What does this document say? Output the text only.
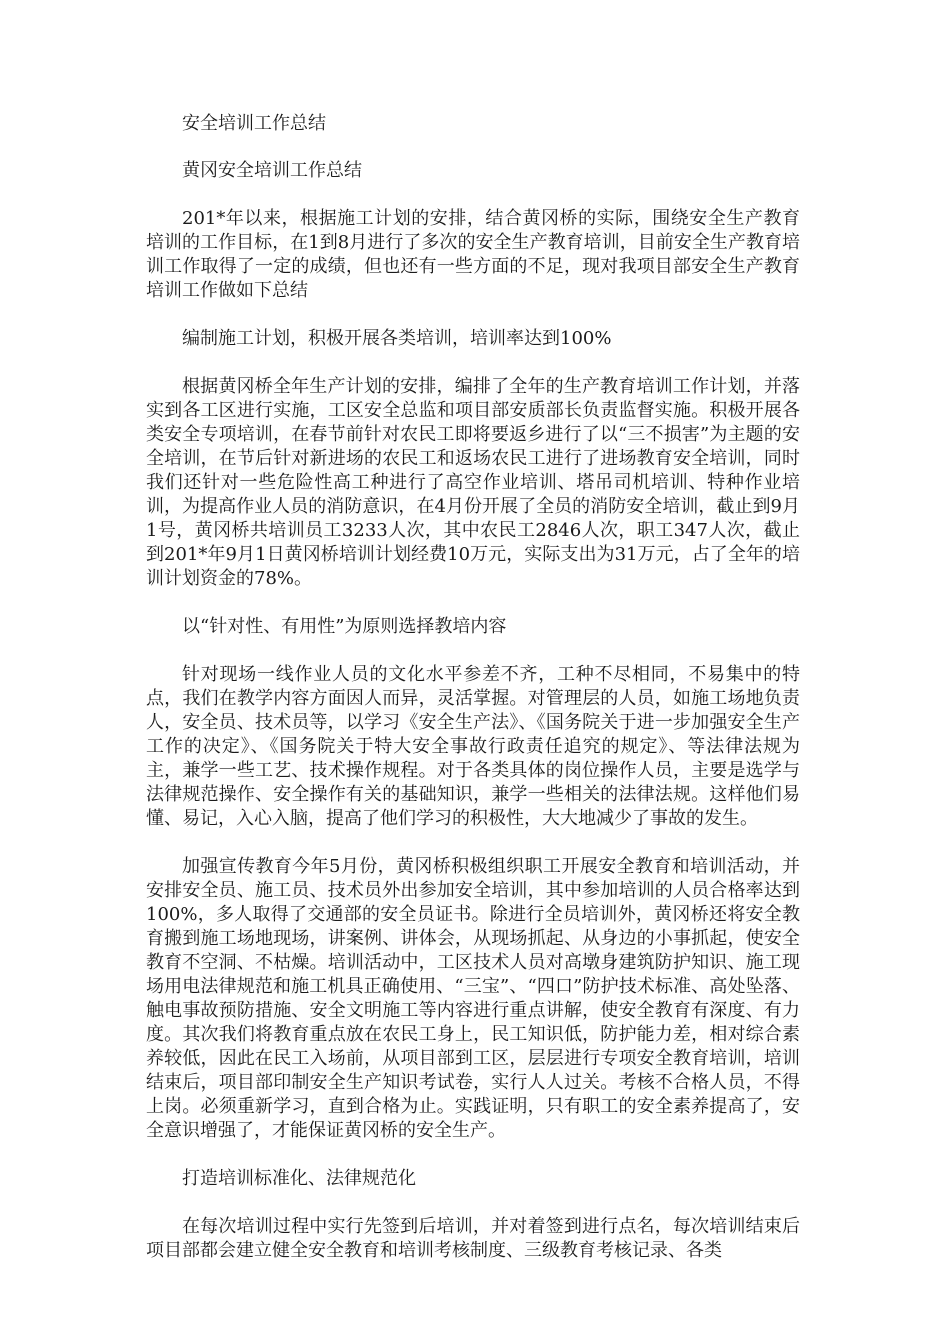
安全培训工作总结

黄冈安全培训工作总结

201*年以来，根据施工计划的安排，结合黄冈桥的实际，围绕安全生产教育培训的工作目标，在1到8月进行了多次的安全生产教育培训，目前安全生产教育培训工作取得了一定的成绩，但也还有一些方面的不足，现对我项目部安全生产教育培训工作做如下总结

编制施工计划，积极开展各类培训，培训率达到100%

根据黄冈桥全年生产计划的安排，编排了全年的生产教育培训工作计划，并落实到各工区进行实施，工区安全总监和项目部安质部长负责监督实施。积极开展各类安全专项培训，在春节前针对农民工即将要返乡进行了以“三不损害”为主题的安全培训，在节后针对新进场的农民工和返场农民工进行了进场教育安全培训，同时我们还针对一些危险性高工种进行了高空作业培训、塔吊司机培训、特种作业培训，为提高作业人员的消防意识，在4月份开展了全员的消防安全培训，截止到9月1号，黄冈桥共培训员工3233人次，其中农民工2846人次，职工347人次，截止到201*年9月1日黄冈桥培训计划经费10万元，实际支出为31万元，占了全年的培训计划资金的78%。

以“针对性、有用性”为原则选择教培内容

针对现场一线作业人员的文化水平参差不齐，工种不尽相同，不易集中的特点，我们在教学内容方面因人而异，灵活掌握。对管理层的人员，如施工场地负责人，安全员、技术员等，以学习《安全生产法》、《国务院关于进一步加强安全生产工作的决定》、《国务院关于特大安全事故行政责任追究的规定》、等法律法规为主，兼学一些工艺、技术操作规程。对于各类具体的岗位操作人员，主要是选学与法律规范操作、安全操作有关的基础知识，兼学一些相关的法律法规。这样他们易懂、易记，入心入脑，提高了他们学习的积极性，大大地减少了事故的发生。

加强宣传教育今年5月份，黄冈桥积极组织职工开展安全教育和培训活动，并安排安全员、施工员、技术员外出参加安全培训，其中参加培训的人员合格率达到100%，多人取得了交通部的安全员证书。除进行全员培训外，黄冈桥还将安全教育搬到施工场地现场，讲案例、讲体会，从现场抓起、从身边的小事抓起，使安全教育不空洞、不枯燥。培训活动中，工区技术人员对高墩身建筑防护知识、施工现场用电法律规范和施工机具正确使用、“三宝”、“四口”防护技术标准、高处坠落、触电事故预防措施、安全文明施工等内容进行重点讲解，使安全教育有深度、有力度。其次我们将教育重点放在农民工身上，民工知识低，防护能力差，相对综合素养较低，因此在民工入场前，从项目部到工区，层层进行专项安全教育培训，培训结束后，项目部印制安全生产知识考试卷，实行人人过关。考核不合格人员，不得上岗。必须重新学习，直到合格为止。实践证明，只有职工的安全素养提高了，安全意识增强了，才能保证黄冈桥的安全生产。

打造培训标准化、法律规范化

在每次培训过程中实行先签到后培训，并对着签到进行点名，每次培训结束后项目部都会建立健全安全教育和培训考核制度、三级教育考核记录、各类
